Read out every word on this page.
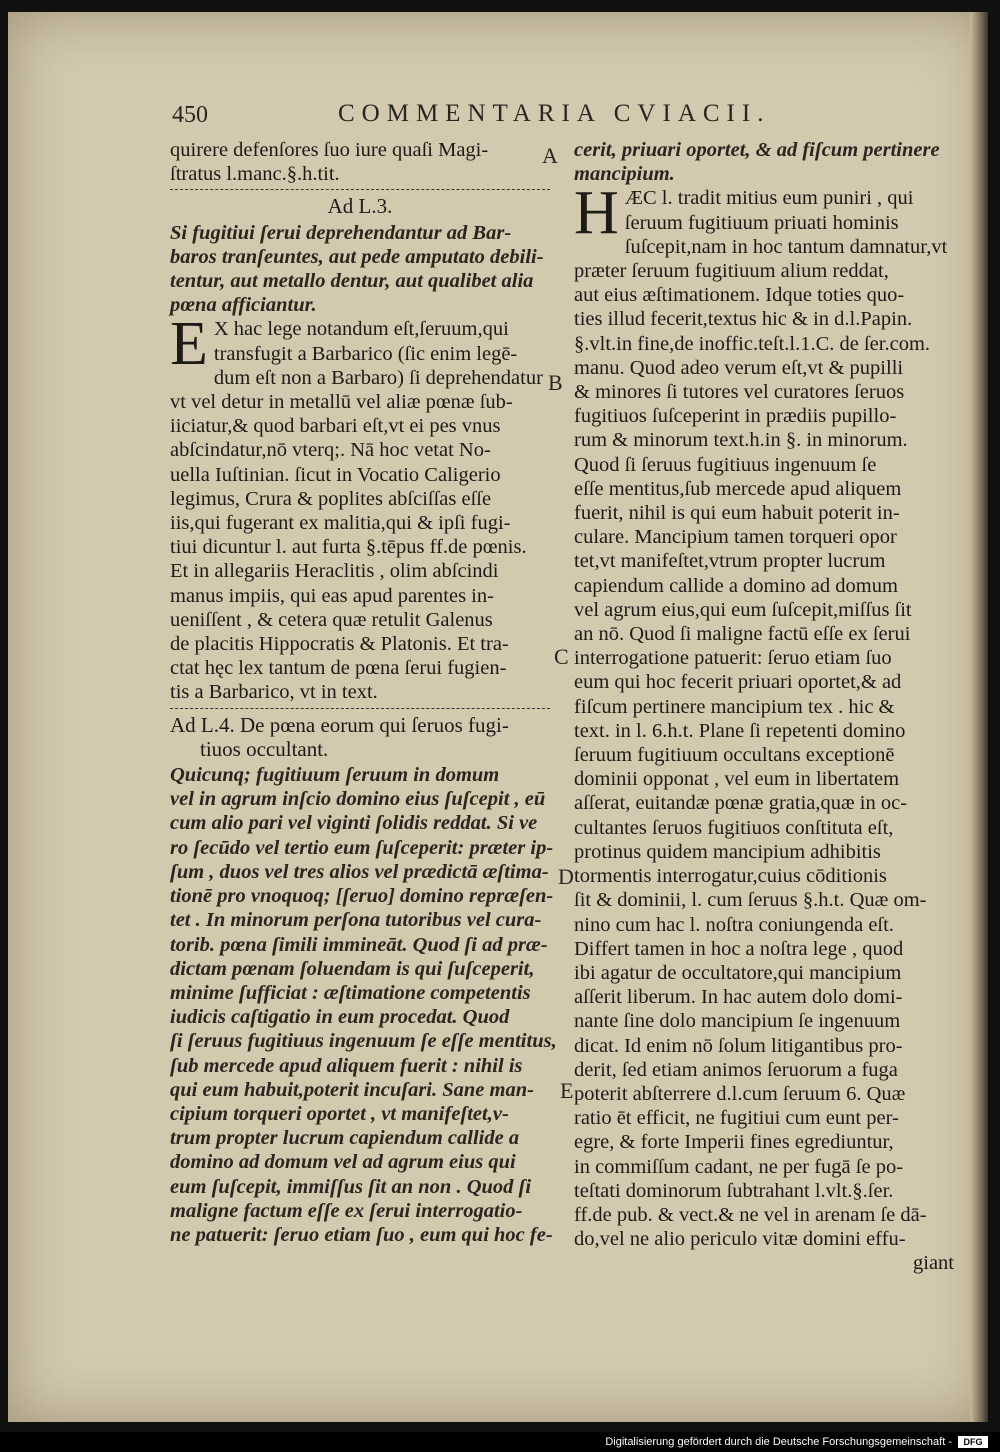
450	COMMENTARIA CVIACII.
A
B
C
D
E
quirere defenſores ſuo iure quaſi Magi-
ſtratus l.manc.§.h.tit.
Ad L.3.
Si fugitiui ſerui deprehendantur ad Bar-
baros tranſeuntes, aut pede amputato debili-
tentur, aut metallo dentur, aut qualibet alia
pœna afficiantur.
E X hac lege notandum eſt,ſeruum,qui
transfugit a Barbarico (ſic enim legē-
dum eſt non a Barbaro) ſi deprehendatur
vt vel detur in metallū vel aliæ pœnæ ſub-
iiciatur,& quod barbari eſt,vt ei pes vnus
abſcindatur,nō vterq;. Nā hoc vetat No-
uella Iuſtinian. ſicut in Vocatio Caligerio
legimus, Crura & poplites abſciſſas eſſe
iis,qui fugerant ex malitia,qui & ipſi fugi-
tiui dicuntur l. aut furta §.tēpus ff.de pœnis.
Et in allegariis Heraclitis , olim abſcindi
manus impiis, qui eas apud parentes in-
ueniſſent , & cetera quæ retulit Galenus
de placitis Hippocratis & Platonis. Et tra-
ctat hęc lex tantum de pœna ſerui fugien-
tis a Barbarico, vt in text.
Ad L.4. De pœna eorum qui ſeruos fugi-
tiuos occultant.
Quicunq; fugitiuum ſeruum in domum
vel in agrum inſcio domino eius ſuſcepit , eū
cum alio pari vel viginti ſolidis reddat. Si ve
ro ſecūdo vel tertio eum ſuſceperit: præter ip-
ſum , duos vel tres alios vel prædictā æſtima-
tionē pro vnoquoq; [ſeruo] domino repræſen-
tet . In minorum perſona tutoribus vel cura-
torib. pœna ſimili immineāt. Quod ſi ad præ-
dictam pœnam ſoluendam is qui ſuſceperit,
minime ſufficiat : æſtimatione competentis
iudicis caſtigatio in eum procedat. Quod
ſi ſeruus fugitiuus ingenuum ſe eſſe mentitus,
ſub mercede apud aliquem fuerit : nihil is
qui eum habuit,poterit incuſari. Sane man-
cipium torqueri oportet , vt manifeſtet,v-
trum propter lucrum capiendum callide a
domino ad domum vel ad agrum eius qui
eum ſuſcepit, immiſſus ſit an non . Quod ſi
maligne factum eſſe ex ſerui interrogatio-
ne patuerit: ſeruo etiam ſuo , eum qui hoc fe-
cerit, priuari oportet, & ad fiſcum pertinere
mancipium.
H ÆC l. tradit mitius eum puniri , qui
ſeruum fugitiuum priuati hominis
ſuſcepit,nam in hoc tantum damnatur,vt
præter ſeruum fugitiuum alium reddat,
aut eius æſtimationem. Idque toties quo-
ties illud fecerit,textus hic & in d.l.Papin.
§.vlt.in fine,de inoffic.teſt.l.1.C. de ſer.com.
manu. Quod adeo verum eſt,vt & pupilli
& minores ſi tutores vel curatores ſeruos
fugitiuos ſuſceperint in prædiis pupillo-
rum & minorum text.h.in §. in minorum.
Quod ſi ſeruus fugitiuus ingenuum ſe
eſſe mentitus,ſub mercede apud aliquem
fuerit, nihil is qui eum habuit poterit in-
culare. Mancipium tamen torqueri opor
tet,vt manifeſtet,vtrum propter lucrum
capiendum callide a domino ad domum
vel agrum eius,qui eum ſuſcepit,miſſus ſit
an nō. Quod ſi maligne factū eſſe ex ſerui
interrogatione patuerit: ſeruo etiam ſuo
eum qui hoc fecerit priuari oportet,& ad
fiſcum pertinere mancipium tex . hic &
text. in l. 6.h.t. Plane ſi repetenti domino
ſeruum fugitiuum occultans exceptionē
dominii opponat , vel eum in libertatem
aſſerat, euitandæ pœnæ gratia,quæ in oc-
cultantes ſeruos fugitiuos conſtituta eſt,
protinus quidem mancipium adhibitis
tormentis interrogatur,cuius cōditionis
ſit & dominii, l. cum ſeruus §.h.t. Quæ om-
nino cum hac l. noſtra coniungenda eſt.
Differt tamen in hoc a noſtra lege , quod
ibi agatur de occultatore,qui mancipium
aſſerit liberum. In hac autem dolo domi-
nante ſine dolo mancipium ſe ingenuum
dicat. Id enim nō ſolum litigantibus pro-
derit, ſed etiam animos ſeruorum a fuga
poterit abſterrere d.l.cum ſeruum 6. Quæ
ratio ēt efficit, ne fugitiui cum eunt per-
egre, & forte Imperii fines egrediuntur,
in commiſſum cadant, ne per fugā ſe po-
teſtati dominorum ſubtrahant l.vlt.§.ſer.
ff.de pub. & vect.& ne vel in arenam ſe dā-
do,vel ne alio periculo vitæ domini effu-
giant
Digitalisierung gefördert durch die Deutsche Forschungsgemeinschaft -	DFG
